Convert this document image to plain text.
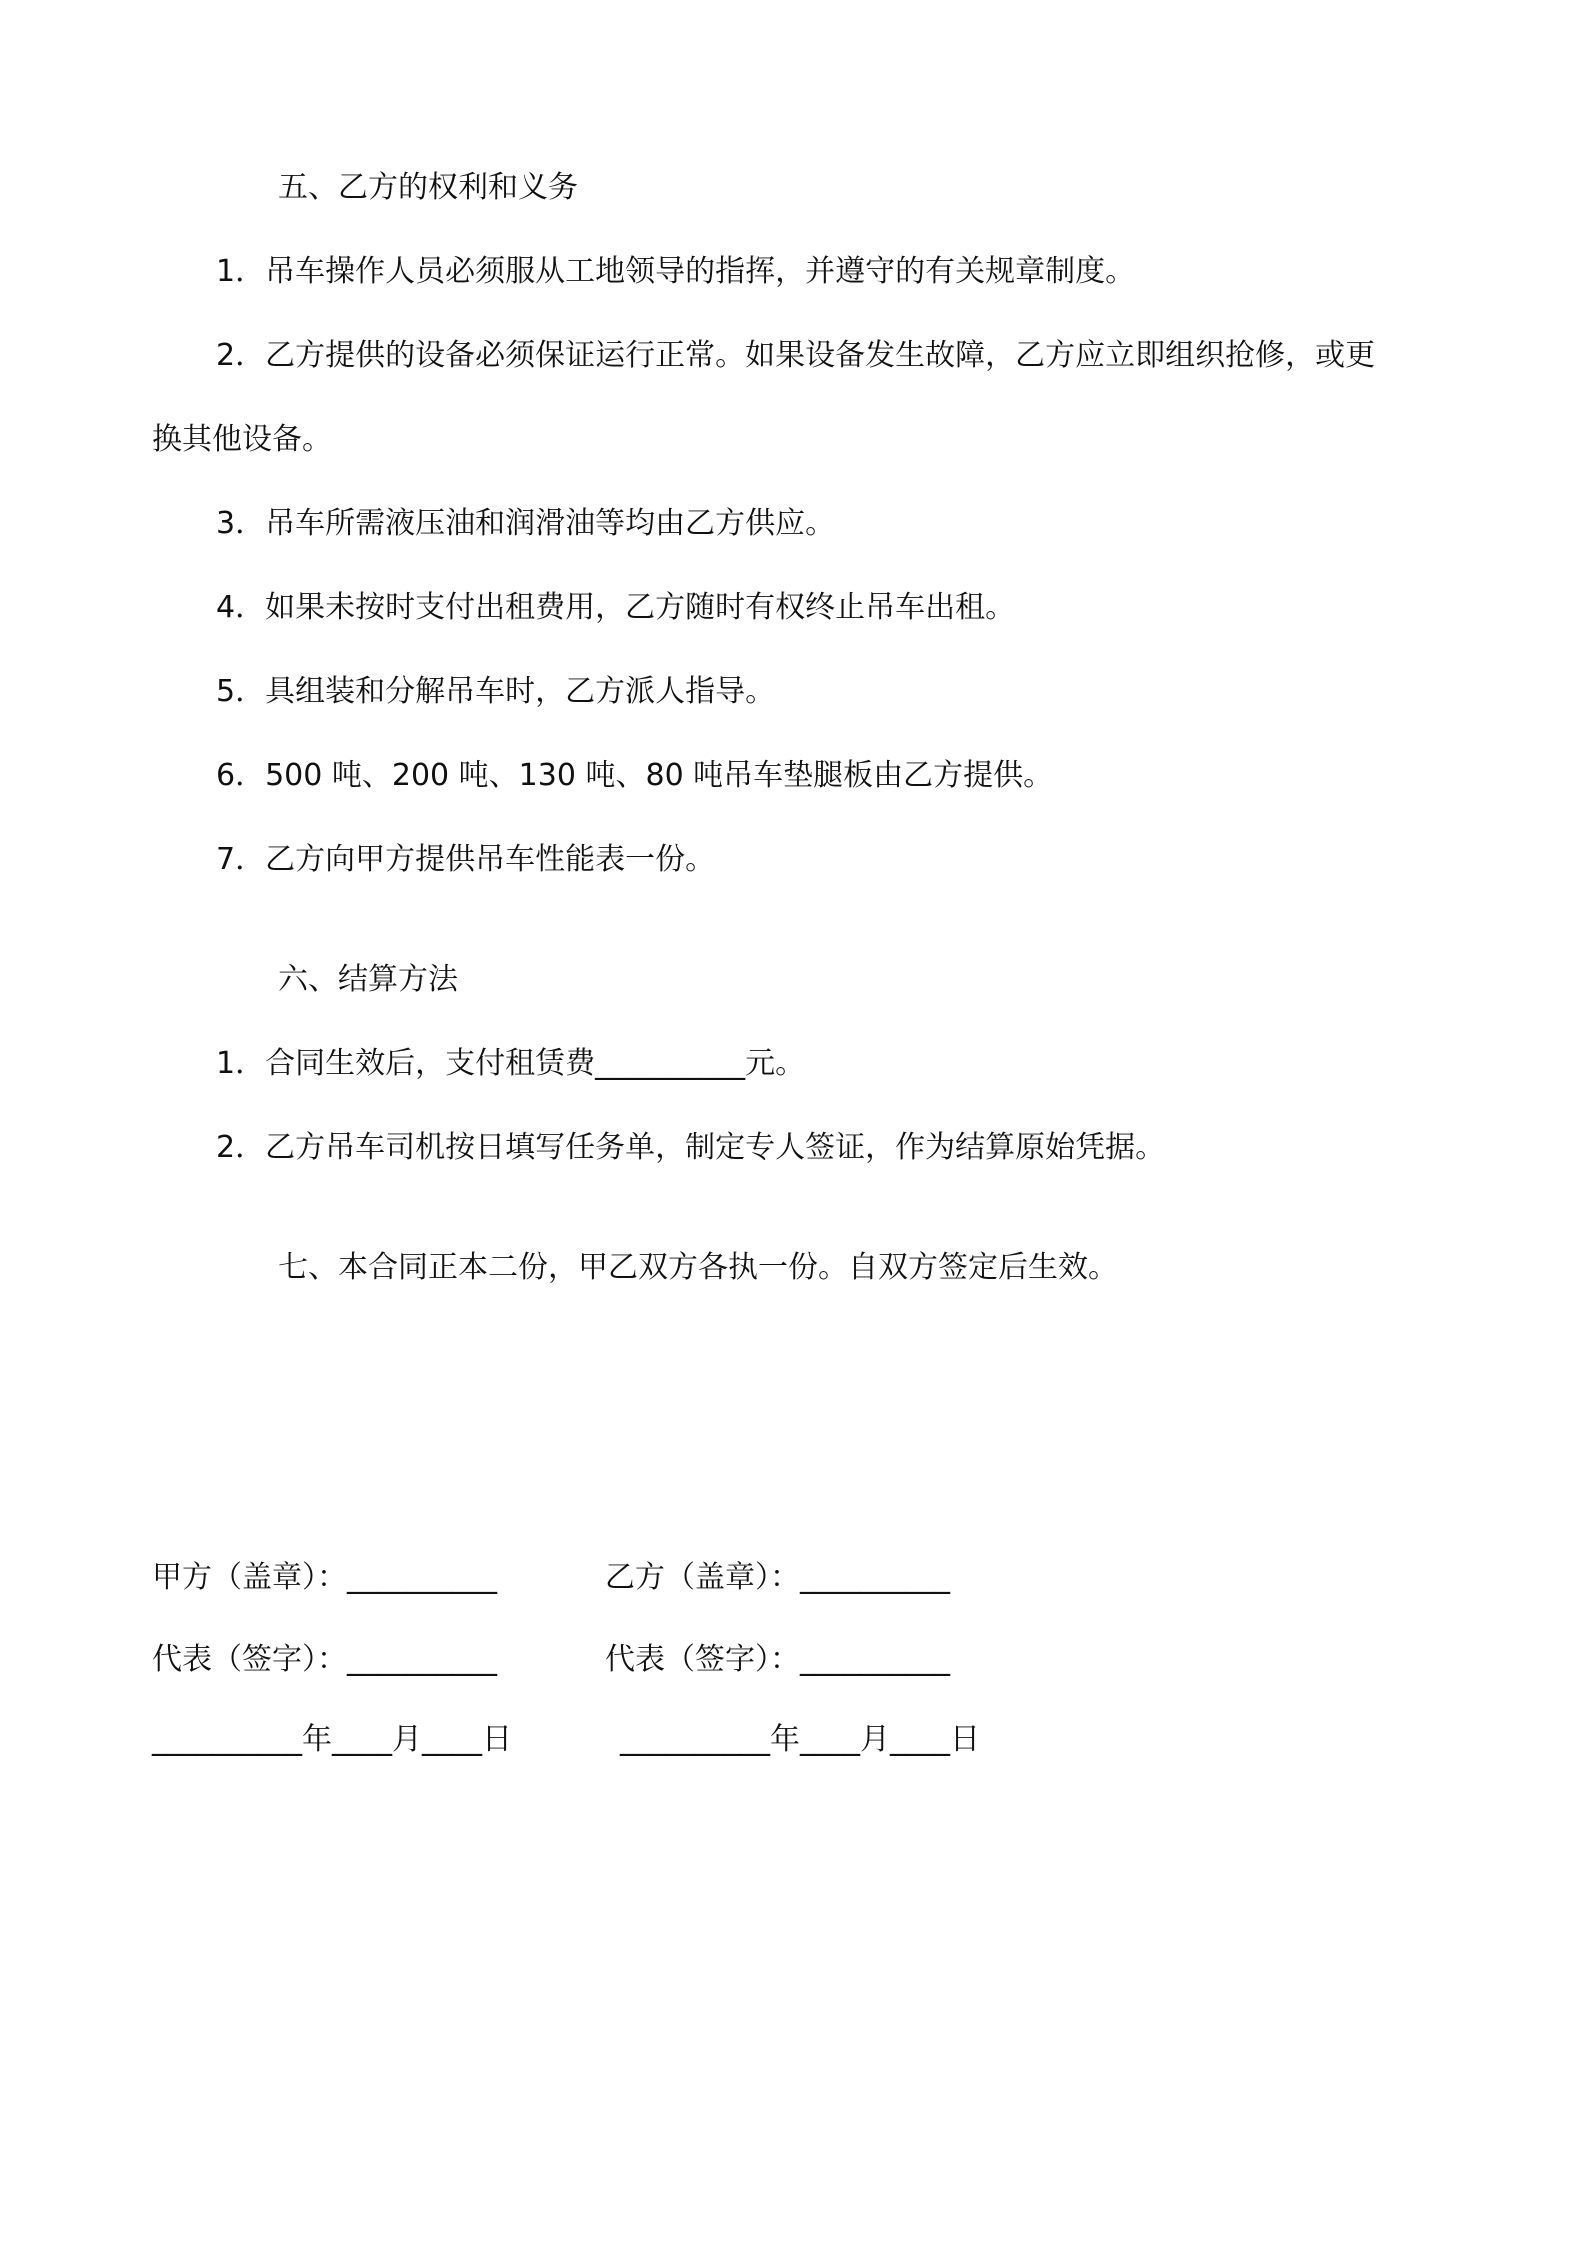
五、乙方的权利和义务
1．吊车操作人员必须服从工地领导的指挥，并遵守的有关规章制度。
2．乙方提供的设备必须保证运行正常。如果设备发生故障，乙方应立即组织抢修，或更
换其他设备。
3．吊车所需液压油和润滑油等均由乙方供应。
4．如果未按时支付出租费用，乙方随时有权终止吊车出租。
5．具组装和分解吊车时，乙方派人指导。
6．500 吨、200 吨、130 吨、80 吨吊车垫腿板由乙方提供。
7．乙方向甲方提供吊车性能表一份。
六、结算方法
1．合同生效后，支付租赁费__________元。
2．乙方吊车司机按日填写任务单，制定专人签证，作为结算原始凭据。
七、本合同正本二份，甲乙双方各执一份。自双方签定后生效。
甲方（盖章）：__________	乙方（盖章）：__________
代表（签字）：__________	代表（签字）：__________
__________年____月____日	__________年____月____日
